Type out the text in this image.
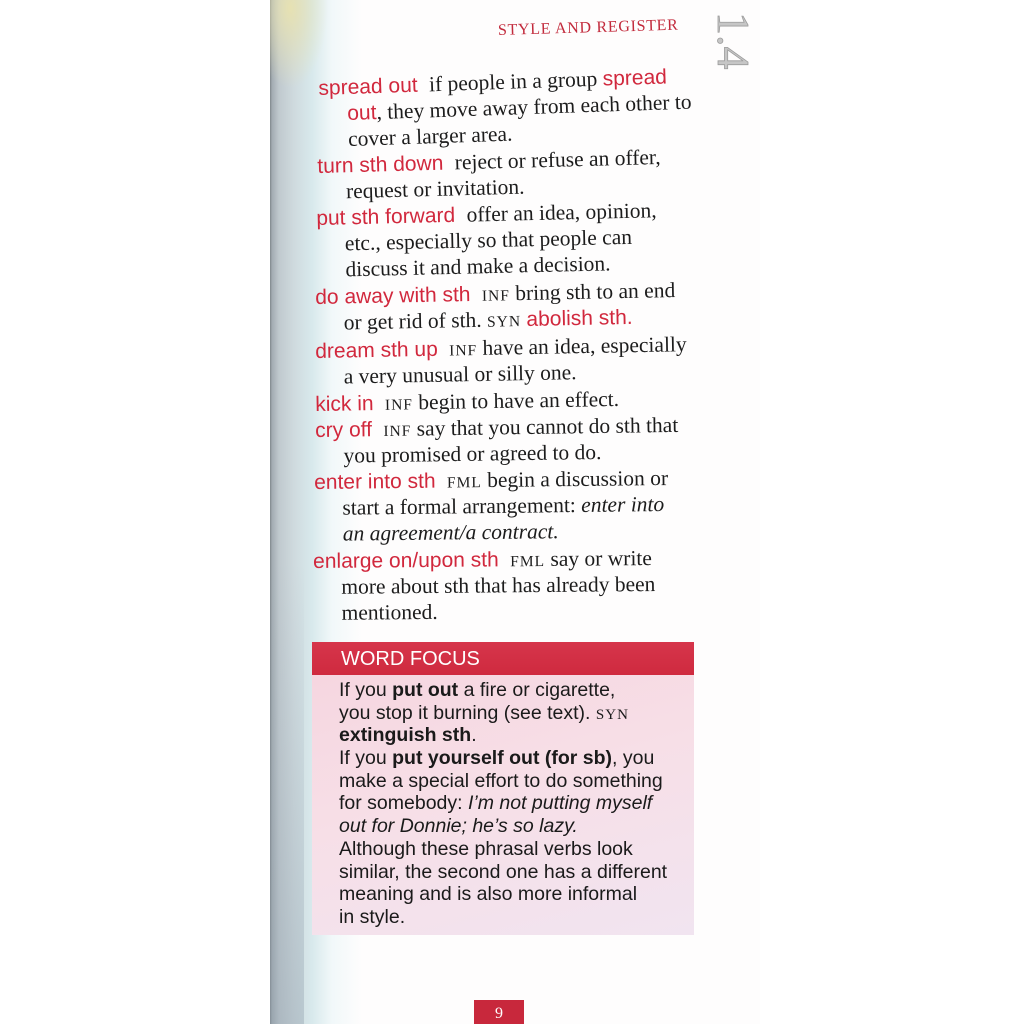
STYLE AND REGISTER 1.4
spread out if people in a group spread
out, they move away from each other to
cover a larger area.
turn sth down reject or refuse an offer,
request or invitation.
put sth forward offer an idea, opinion,
etc., especially so that people can
discuss it and make a decision.
do away with sth INF bring sth to an end
or get rid of sth. SYN abolish sth.
dream sth up INF have an idea, especially
a very unusual or silly one.
kick in INF begin to have an effect.
cry off INF say that you cannot do sth that
you promised or agreed to do.
enter into sth FML begin a discussion or
start a formal arrangement: enter into
an agreement/a contract.
enlarge on/upon sth FML say or write
more about sth that has already been
mentioned.
WORD FOCUS
If you put out a fire or cigarette,
you stop it burning (see text). SYN
extinguish sth.
If you put yourself out (for sb), you
make a special effort to do something
for somebody: I’m not putting myself
out for Donnie; he’s so lazy.
Although these phrasal verbs look
similar, the second one has a different
meaning and is also more informal
in style.
9
